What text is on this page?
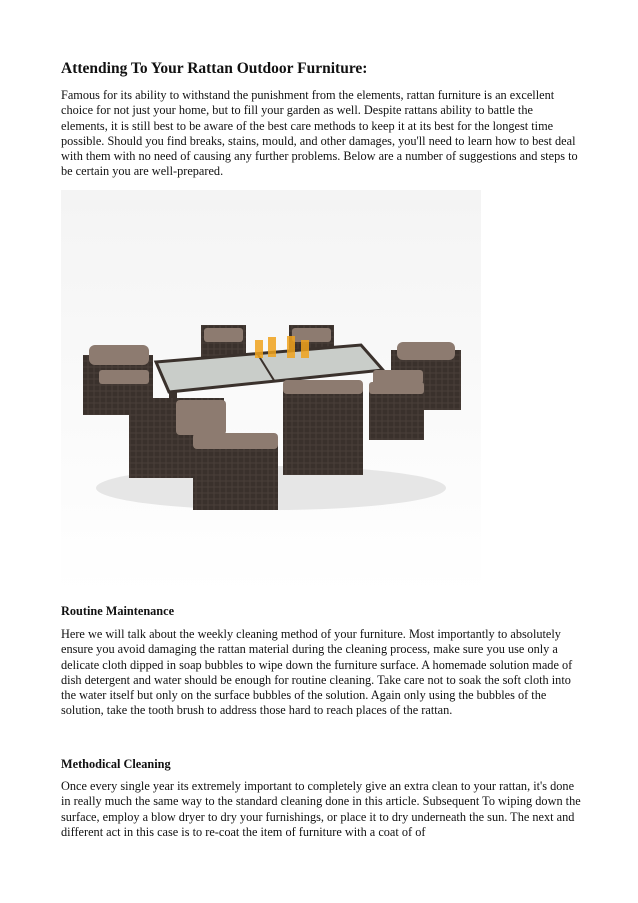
Attending To Your Rattan Outdoor Furniture:

Famous for its ability to withstand the punishment from the elements, rattan furniture is an excellent choice for not just your home, but to fill your garden as well. Despite rattans ability to battle the elements, it is still best to be aware of the best care methods to keep it at its best for the longest time possible. Should you find breaks, stains, mould, and other damages, you'll need to learn how to best deal with them with no need of causing any further problems. Below are a number of suggestions and steps to be certain you are well-prepared.

Routine Maintenance

Here we will talk about the weekly cleaning method of your furniture. Most importantly to absolutely ensure you avoid damaging the rattan material during the cleaning process, make sure you use only a delicate cloth dipped in soap bubbles to wipe down the furniture surface. A homemade solution made of dish detergent and water should be enough for routine cleaning. Take care not to soak the soft cloth into the water itself but only on the surface bubbles of the solution. Again only using the bubbles of the solution, take the tooth brush to address those hard to reach places of the rattan.

Methodical Cleaning

Once every single year its extremely important to completely give an extra clean to your rattan, it's done in really much the same way to the standard cleaning done in this article. Subsequent To wiping down the surface, employ a blow dryer to dry your furnishings, or place it to dry underneath the sun. The next and different act in this case is to re-coat the item of furniture with a coat of of
